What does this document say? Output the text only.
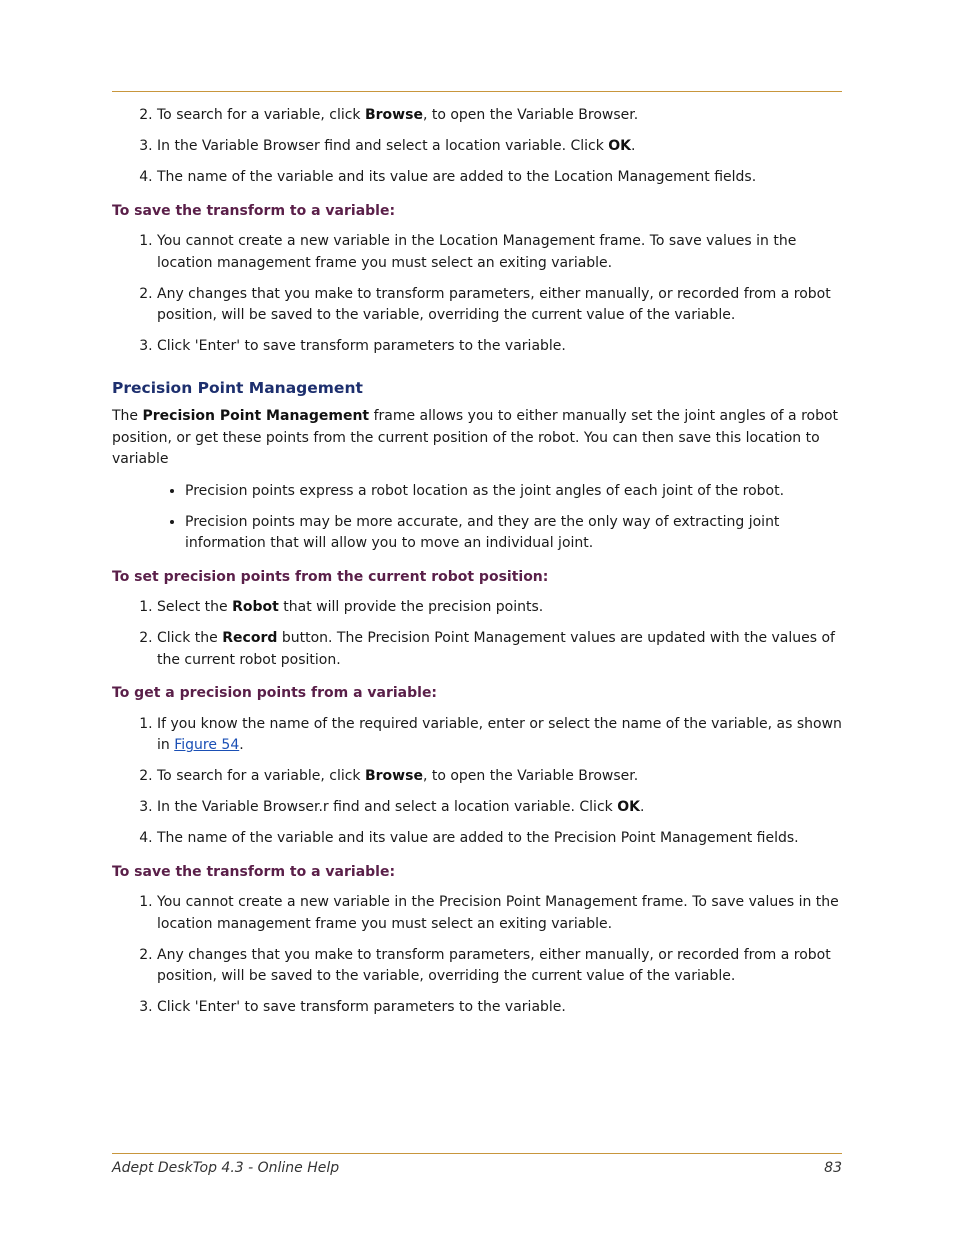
2. To search for a variable, click Browse, to open the Variable Browser.
3. In the Variable Browser find and select a location variable. Click OK.
4. The name of the variable and its value are added to the Location Management fields.
To save the transform to a variable:
1. You cannot create a new variable in the Location Management frame. To save values in the location management frame you must select an exiting variable.
2. Any changes that you make to transform parameters, either manually, or recorded from a robot position, will be saved to the variable, overriding the current value of the variable.
3. Click 'Enter' to save transform parameters to the variable.
Precision Point Management

The Precision Point Management frame allows you to either manually set the joint angles of a robot position, or get these points from the current position of the robot. You can then save this location to variable

• Precision points express a robot location as the joint angles of each joint of the robot.
• Precision points may be more accurate, and they are the only way of extracting joint information that will allow you to move an individual joint.
To set precision points from the current robot position:
1. Select the Robot that will provide the precision points.
2. Click the Record button. The Precision Point Management values are updated with the values of the current robot position.
To get a precision points from a variable:
1. If you know the name of the required variable, enter or select the name of the variable, as shown in Figure 54.
2. To search for a variable, click Browse, to open the Variable Browser.
3. In the Variable Browser.r find and select a location variable. Click OK.
4. The name of the variable and its value are added to the Precision Point Management fields.
To save the transform to a variable:
1. You cannot create a new variable in the Precision Point Management frame. To save values in the location management frame you must select an exiting variable.
2. Any changes that you make to transform parameters, either manually, or recorded from a robot position, will be saved to the variable, overriding the current value of the variable.
3. Click 'Enter' to save transform parameters to the variable.
Adept DeskTop 4.3 - Online Help	83
